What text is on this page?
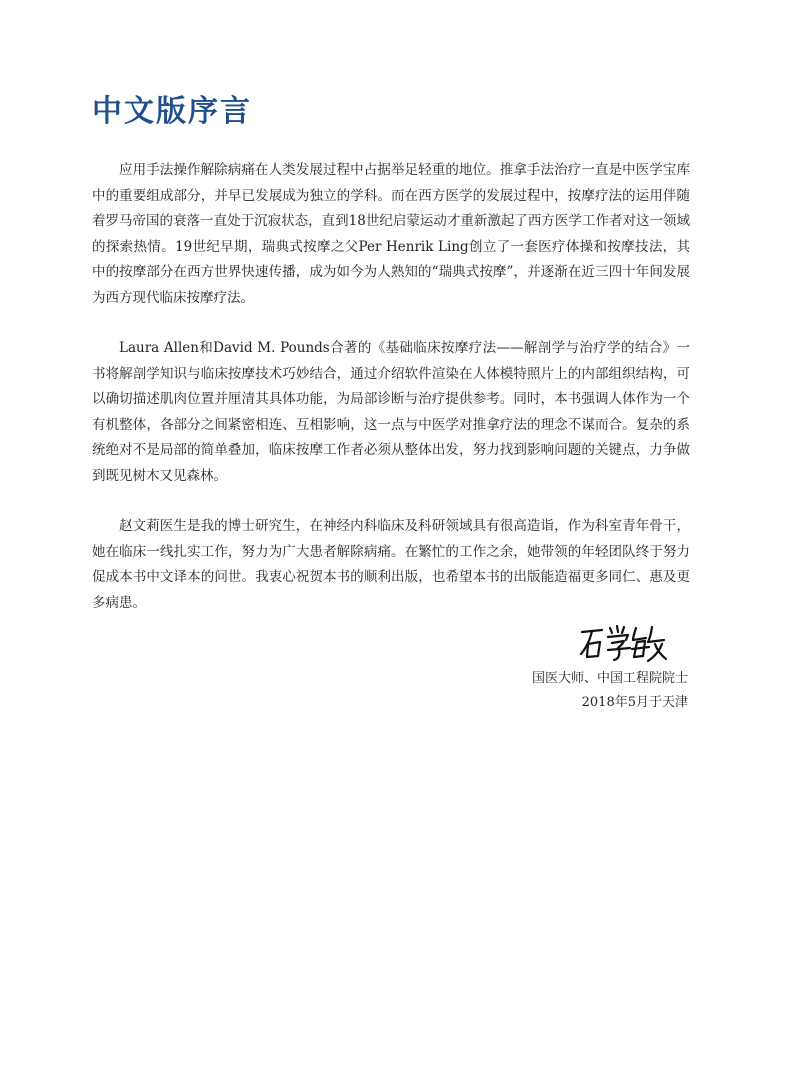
中文版序言

应用手法操作解除病痛在人类发展过程中占据举足轻重的地位。推拿手法治疗一直是中医学宝库中的重要组成部分，并早已发展成为独立的学科。而在西方医学的发展过程中，按摩疗法的运用伴随着罗马帝国的衰落一直处于沉寂状态，直到18世纪启蒙运动才重新激起了西方医学工作者对这一领域的探索热情。19世纪早期，瑞典式按摩之父Per Henrik Ling创立了一套医疗体操和按摩技法，其中的按摩部分在西方世界快速传播，成为如今为人熟知的“瑞典式按摩”，并逐渐在近三四十年间发展为西方现代临床按摩疗法。

Laura Allen和David M. Pounds合著的《基础临床按摩疗法——解剖学与治疗学的结合》一书将解剖学知识与临床按摩技术巧妙结合，通过介绍软件渲染在人体模特照片上的内部组织结构，可以确切描述肌肉位置并厘清其具体功能，为局部诊断与治疗提供参考。同时，本书强调人体作为一个有机整体，各部分之间紧密相连、互相影响，这一点与中医学对推拿疗法的理念不谋而合。复杂的系统绝对不是局部的简单叠加，临床按摩工作者必须从整体出发，努力找到影响问题的关键点，力争做到既见树木又见森林。

赵文莉医生是我的博士研究生，在神经内科临床及科研领域具有很高造诣，作为科室青年骨干，她在临床一线扎实工作，努力为广大患者解除病痛。在繁忙的工作之余，她带领的年轻团队终于努力促成本书中文译本的问世。我衷心祝贺本书的顺利出版，也希望本书的出版能造福更多同仁、惠及更多病患。

国医大师、中国工程院院士
2018年5月于天津
